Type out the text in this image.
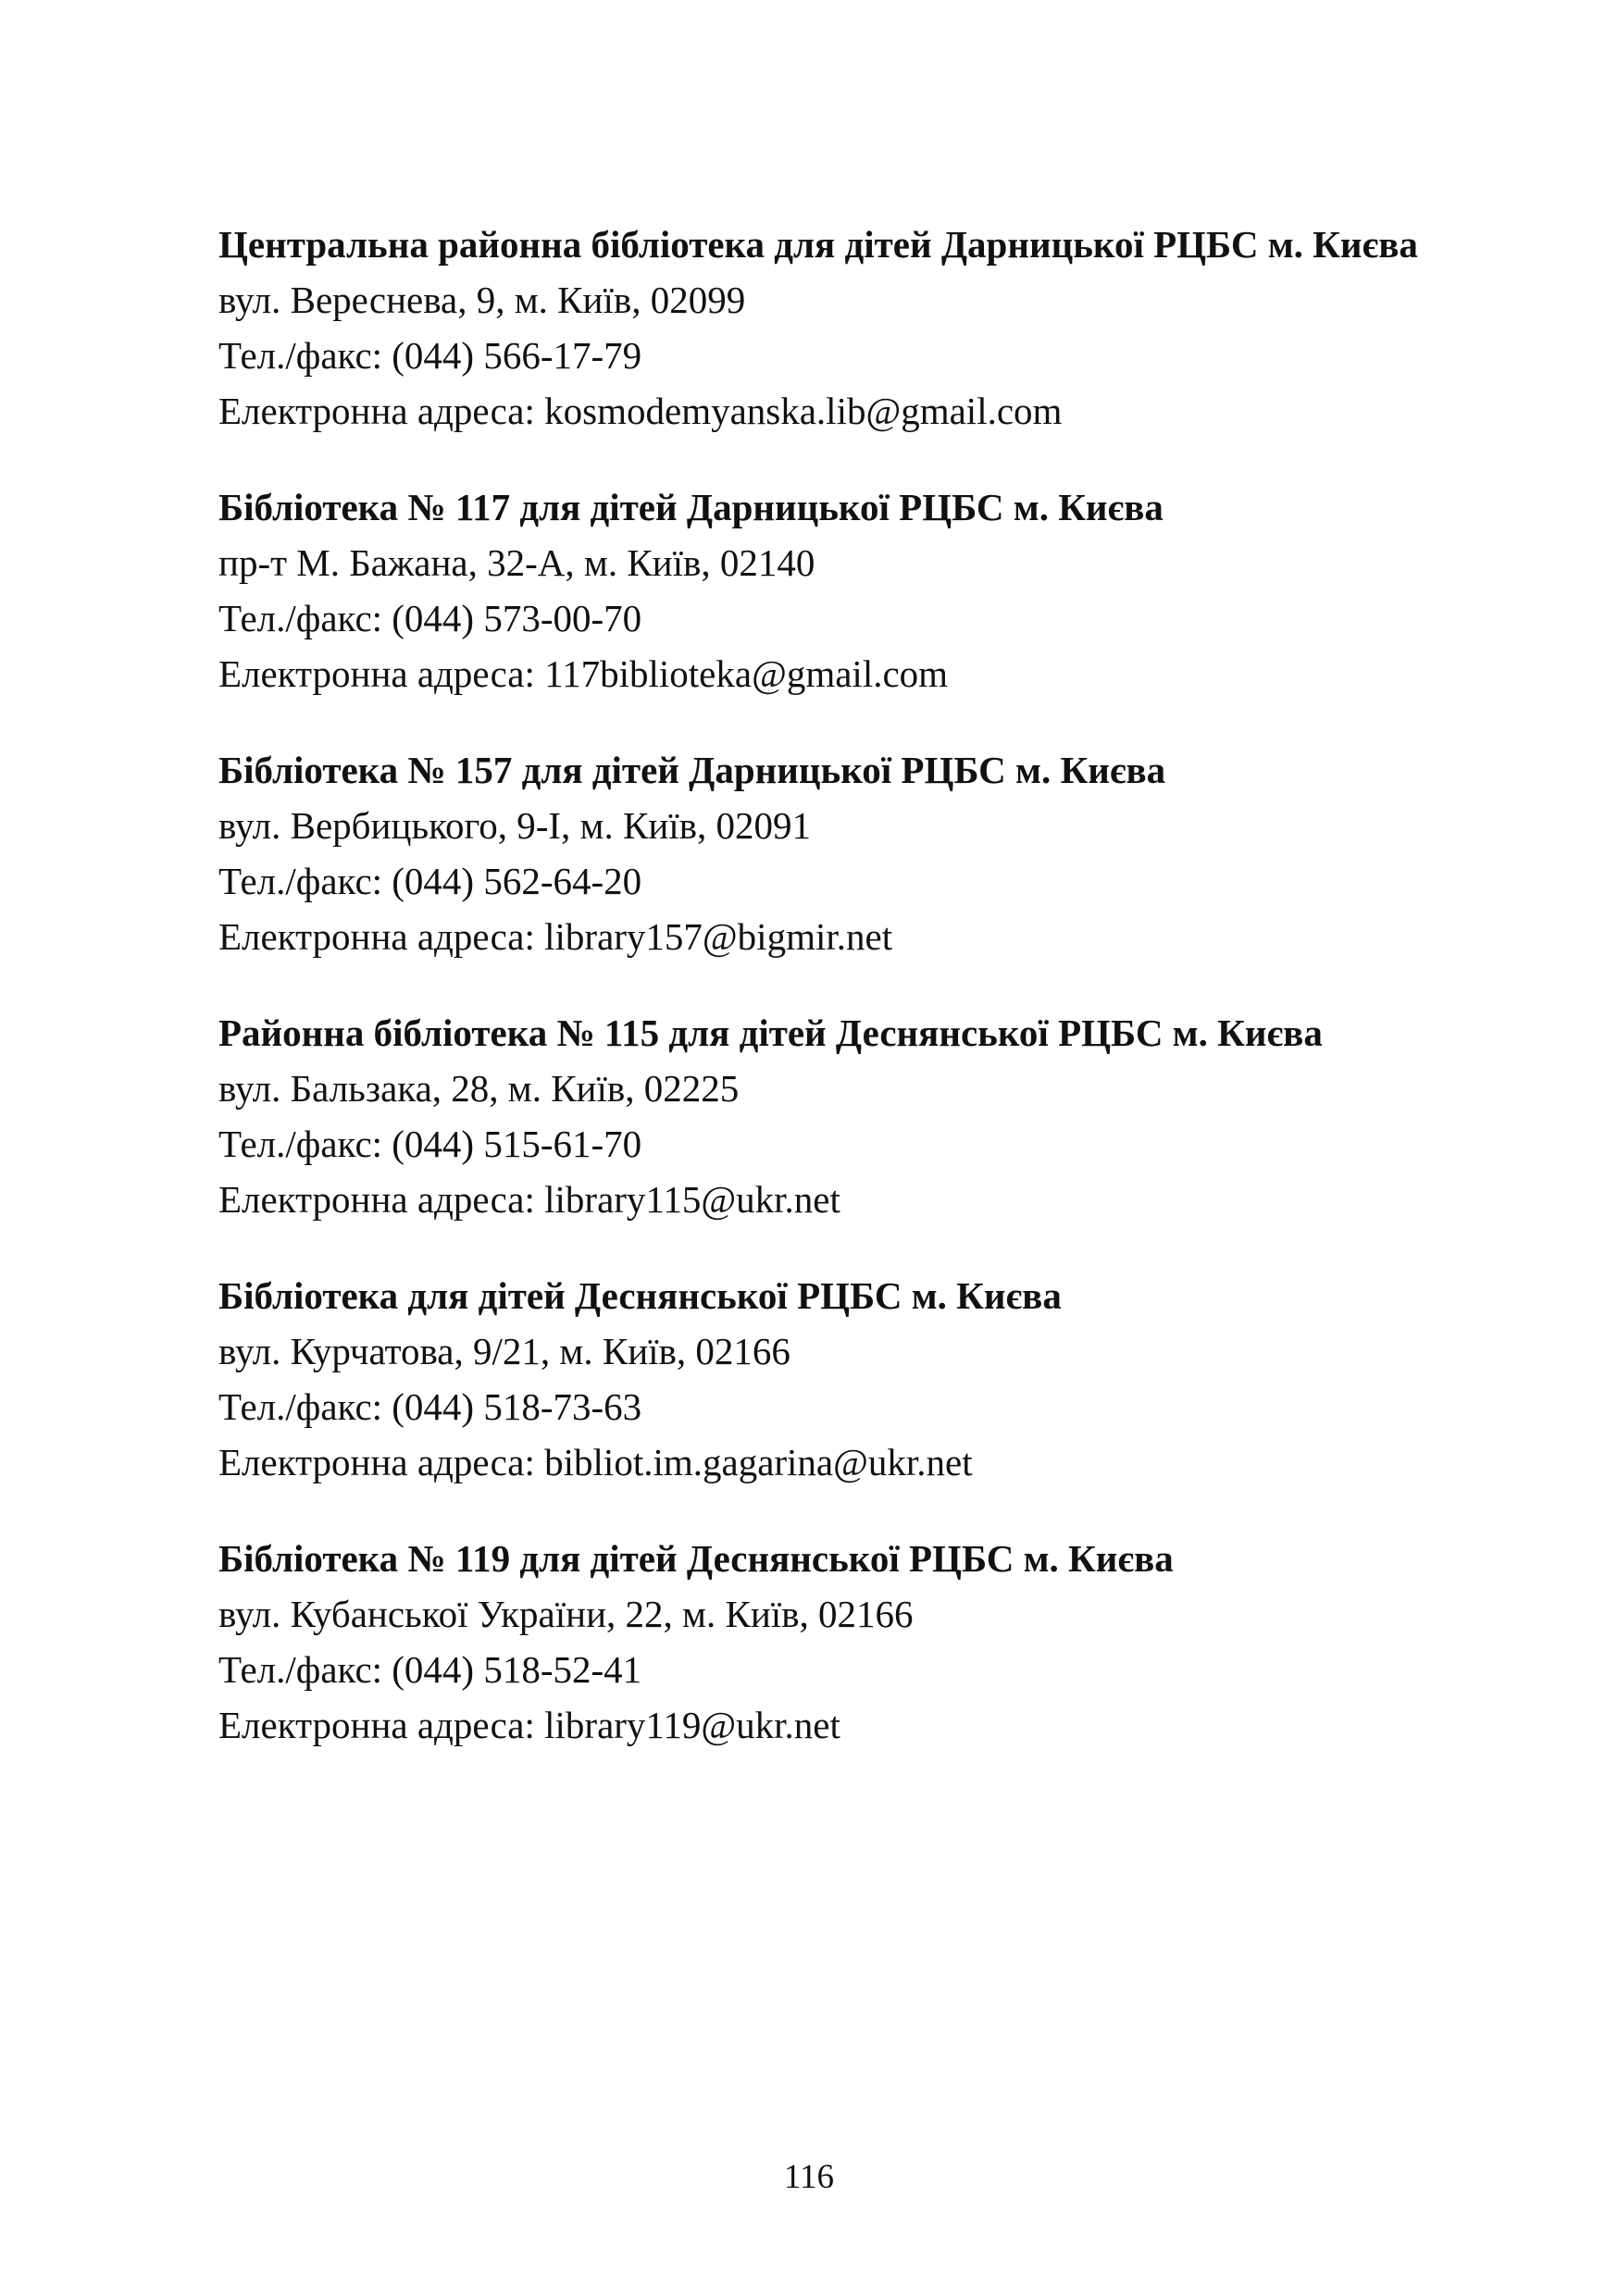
Центральна районна бібліотека для дітей Дарницької РЦБС м. Києва

вул. Вереснева, 9, м. Київ, 02099

Тел./факс: (044) 566-17-79

Електронна адреса: kosmodemyanska.lib@gmail.com

Бібліотека № 117 для дітей Дарницької РЦБС м. Києва

пр-т М. Бажана, 32-А, м. Київ, 02140

Тел./факс: (044) 573-00-70

Електронна адреса: 117biblioteka@gmail.com

Бібліотека № 157 для дітей Дарницької РЦБС м. Києва

вул. Вербицького, 9-І, м. Київ, 02091

Тел./факс: (044) 562-64-20

Електронна адреса: library157@bigmir.net

Районна бібліотека № 115 для дітей Деснянської РЦБС м. Києва

вул. Бальзака, 28, м. Київ, 02225

Тел./факс: (044) 515-61-70

Електронна адреса: library115@ukr.net

Бібліотека для дітей Деснянської РЦБС м. Києва

вул. Курчатова, 9/21, м. Київ, 02166

Тел./факс: (044) 518-73-63

Електронна адреса: bibliot.im.gagarina@ukr.net

Бібліотека № 119 для дітей Деснянської РЦБС м. Києва

вул. Кубанської України, 22, м. Київ, 02166

Тел./факс: (044) 518-52-41

Електронна адреса: library119@ukr.net

116
